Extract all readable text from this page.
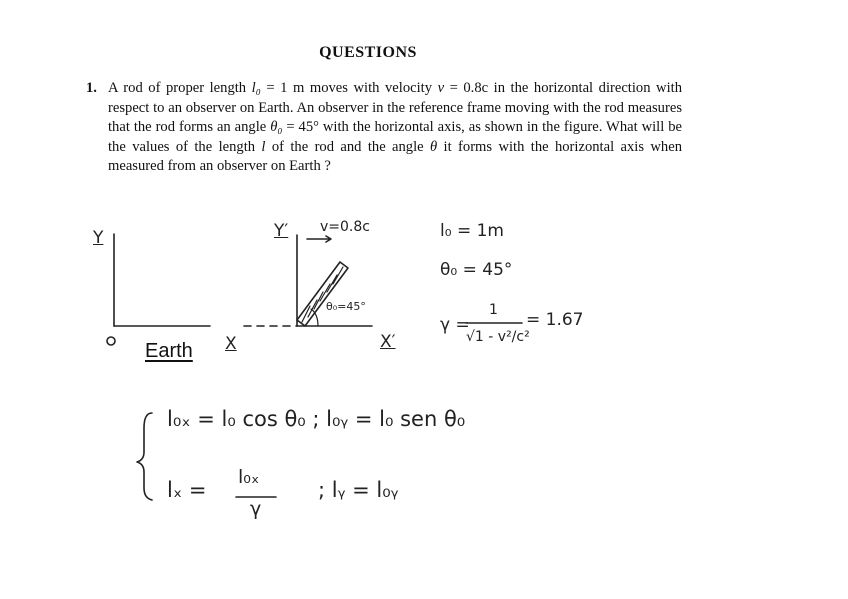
QUESTIONS
1. A rod of proper length l₀ = 1 m moves with velocity v = 0.8c in the horizontal direction with respect to an observer on Earth. An observer in the reference frame moving with the rod measures that the rod forms an angle θ₀ = 45° with the horizontal axis, as shown in the figure. What will be the values of the length l of the rod and the angle θ it forms with the horizontal axis when measured from an observer on Earth ?
Earth
Y
X
Y′
X′
v=0.8c
θ₀=45°
l₀ = 1m
θ₀ = 45°
γ =
1
√1 - v²/c²
= 1.67
l₀ₓ = l₀ cos θ₀ ; l₀ᵧ = l₀ sen θ₀
lₓ =
l₀ₓ
γ
; lᵧ = l₀ᵧ
